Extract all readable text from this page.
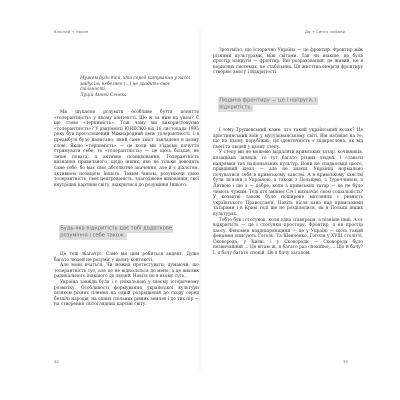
Вільний + покон	До + Сенсу любови
Мужем будь той, хто серед катування у насоі звідусіль небезпек (...) не зрадить своє спільності.
Луцій Анней Сенека

Ми шукаємо розуміти особливе буття поняття «толерантність» у якому контексті. Що ж за ним на увазі? Є ще слово «терпимість». Тож чому ми використовуємо «толерантність»? У документі ЮНЕСКО від 16 листопада 1995 року був проголошений Міжнародний день толерантності. І в преамбулі було написано, який саме зміст закладено в цьому слові. Якщо «терпимість» — це коли ми з'їдаємо почуття стримувати себе, то «толерантність» — це щось більше, не лише повага, а активне позиціювання. Толерантність визнання правильного, щодо інших, яке не тільки доводить саме себе, бо має своє абсолютне значення, але й є діалогом, активною позицією Іншого. Таким чином, розуміючи свою толерантність, своє центрованість, злагоджене виховання, свої внутрішні картини світу, відкритися до розуміння Іншого.

Будь-яка відкритість дає тобі додаткове розуміння і себе також.

Це теж збагачує. Саме ми цим робиться акцент. Дуже багато людей не розуміє у цьому контексті.

Але вони вчаться. Чи можна протестувати, думаючи, що толерантність тут, але це не відноситься до мене, а це виклик радикального інакшого до людей. Навіть не в ньому суть.

Україна завжди була і є унікальною у своєму історичному розвитку. Особливості формування української культури шляхом різних племен на одній розрідженій до сходу серед безлічі народів, на одних спільних рівних землях і до тих пір — на створення світоглядних картин світу.

Зрозуміло, що історично Україна — це фронтир. Фронтир між різними культурами, між світами. Так чи інакше, це була простір напруги — фронтир. Він розрахований, де живий, не в корисних системах, не стабільних. Ця життєва енергія фронтиру створює змогу і відкритості.

Людина фронтиру — це і напруга, і відкритість.

І тому Трушевський каже: хто такий український козак? Це християнський воїн у мусульманському світі. Він натикає на те, що на цьому порубіжжі, ця ідентичність є підкреслена, як від своєї та людей у цьому степу.

У степу ми не можемо віддаляти кримських татар, кочівників, козацьких шляхів, то тут багато різних людей. І ставати напрямки тих національних культур. Вони не спадкоємці цього, правдивий ідеал — але не знаєш. Українці нормально почувалися себе в кримському ханстві. А в кримському ханстві були зв'язки з Україною, а також з Польщею, з Туреччиною, з Литвою і ще з — добре, коли з кримських татар — це не було чимось чужим. Тоді хто змінює Січ і визначає свою соціальність? У козацтві також було поширене мислення і ревність українського Православ'я. Навіть після хана над кримськими татарами і в Крим тоді ще не розділялися, як в Польщі інших культурах.

Тобто був і стосунок, коли одна співпраця, а пізніше інші. А от відкритість — це і стосунки простору. Фронтир, а не простір хаосу. Феномен наддніпрянщини — це у Україні — щось такий феномен описують Гоголь. Та Шевченко, Гоголя у ХVIII столітті, Сковорода, у Києві, і у Сковороди — Сковорода було незвичайний ... Це вітаю ж, я багато раз спокійно, ... Що й бачу? І, я бачу багато спокій. Це я бачу загалом.

32	33
